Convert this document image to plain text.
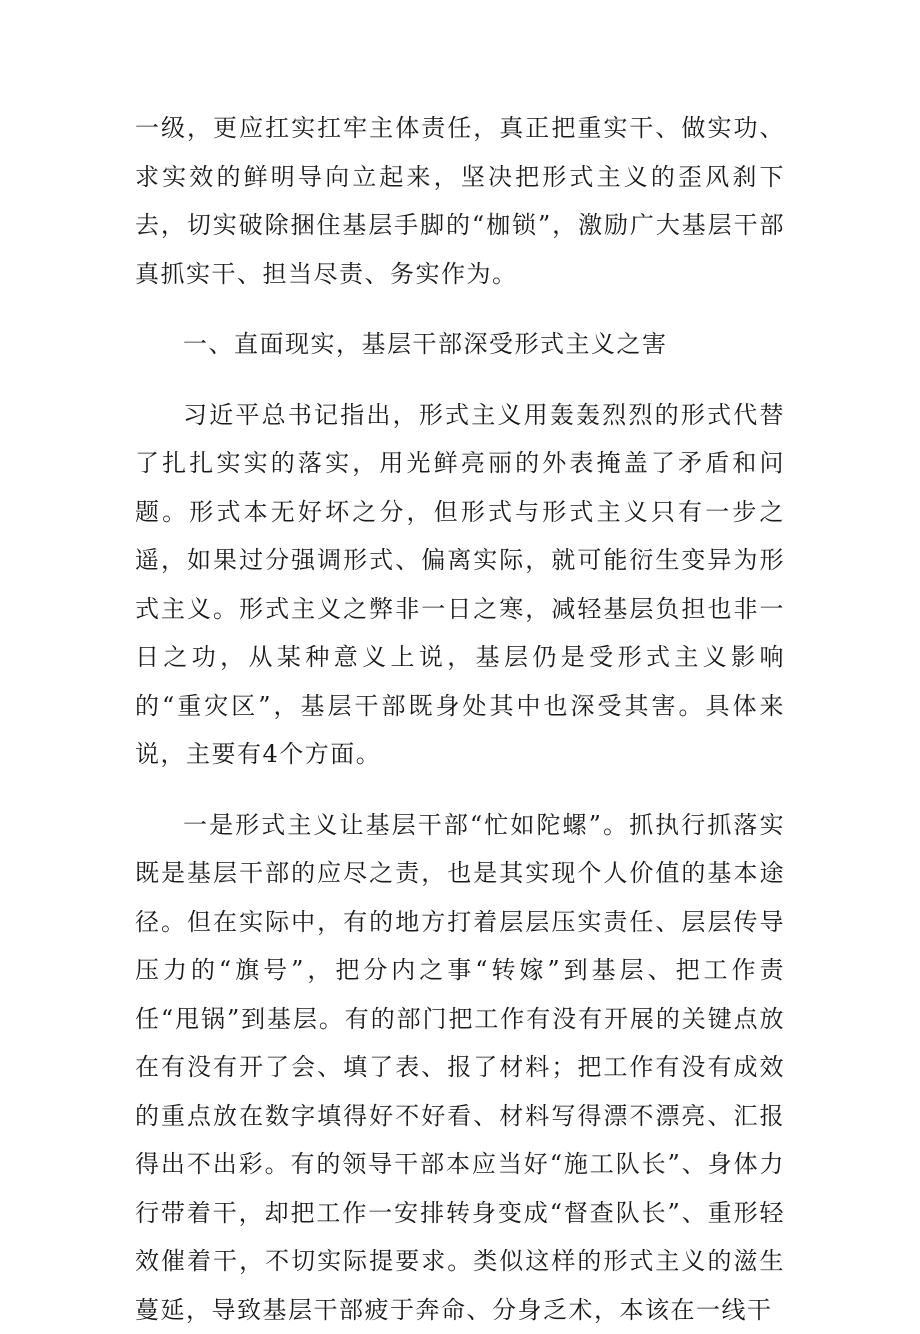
一级，更应扛实扛牢主体责任，真正把重实干、做实功、求实效的鲜明导向立起来，坚决把形式主义的歪风刹下去，切实破除捆住基层手脚的“枷锁”，激励广大基层干部真抓实干、担当尽责、务实作为。

一、直面现实，基层干部深受形式主义之害

习近平总书记指出，形式主义用轰轰烈烈的形式代替了扎扎实实的落实，用光鲜亮丽的外表掩盖了矛盾和问题。形式本无好坏之分，但形式与形式主义只有一步之遥，如果过分强调形式、偏离实际，就可能衍生变异为形式主义。形式主义之弊非一日之寒，减轻基层负担也非一日之功，从某种意义上说，基层仍是受形式主义影响的“重灾区”，基层干部既身处其中也深受其害。具体来说，主要有4个方面。

一是形式主义让基层干部“忙如陀螺”。抓执行抓落实既是基层干部的应尽之责，也是其实现个人价值的基本途径。但在实际中，有的地方打着层层压实责任、层层传导压力的“旗号”，把分内之事“转嫁”到基层、把工作责任“甩锅”到基层。有的部门把工作有没有开展的关键点放在有没有开了会、填了表、报了材料；把工作有没有成效的重点放在数字填得好不好看、材料写得漂不漂亮、汇报得出不出彩。有的领导干部本应当好“施工队长”、身体力行带着干，却把工作一安排转身变成“督查队长”、重形轻效催着干，不切实际提要求。类似这样的形式主义的滋生蔓延，导致基层干部疲于奔命、分身乏术，本该在一线干
